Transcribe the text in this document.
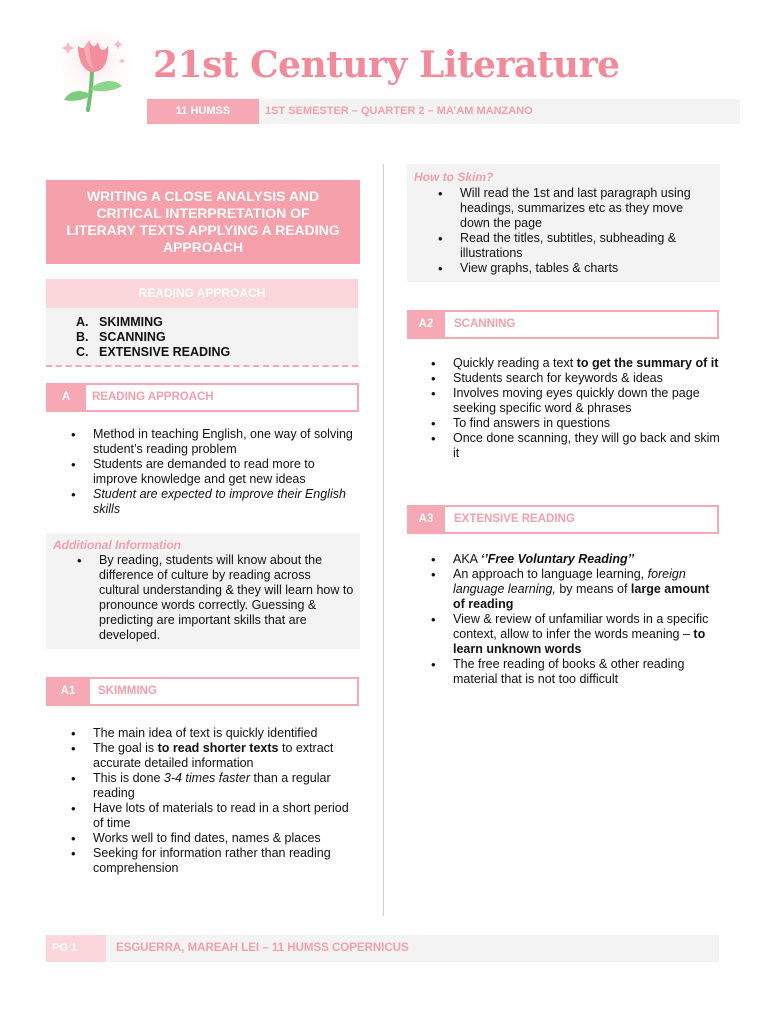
21st Century Literature
11 HUMSS	1ST SEMESTER – QUARTER 2 – MA’AM MANZANO
WRITING A CLOSE ANALYSIS AND CRITICAL INTERPRETATION OF LITERARY TEXTS APPLYING A READING APPROACH
READING APPROACH
A. SKIMMING
B. SCANNING
C. EXTENSIVE READING
A	READING APPROACH
• Method in teaching English, one way of solving student’s reading problem
• Students are demanded to read more to improve knowledge and get new ideas
• Student are expected to improve their English skills
Additional Information
• By reading, students will know about the difference of culture by reading across cultural understanding & they will learn how to pronounce words correctly. Guessing & predicting are important skills that are developed.
A1	SKIMMING
• The main idea of text is quickly identified
• The goal is to read shorter texts to extract accurate detailed information
• This is done 3-4 times faster than a regular reading
• Have lots of materials to read in a short period of time
• Works well to find dates, names & places
• Seeking for information rather than reading comprehension
How to Skim?
• Will read the 1st and last paragraph using headings, summarizes etc as they move down the page
• Read the titles, subtitles, subheading & illustrations
• View graphs, tables & charts
A2	SCANNING
• Quickly reading a text to get the summary of it
• Students search for keywords & ideas
• Involves moving eyes quickly down the page seeking specific word & phrases
• To find answers in questions
• Once done scanning, they will go back and skim it
A3	EXTENSIVE READING
• AKA ‘’Free Voluntary Reading’’
• An approach to language learning, foreign language learning, by means of large amount of reading
• View & review of unfamiliar words in a specific context, allow to infer the words meaning – to learn unknown words
• The free reading of books & other reading material that is not too difficult
PG 1	ESGUERRA, MAREAH LEI – 11 HUMSS COPERNICUS
